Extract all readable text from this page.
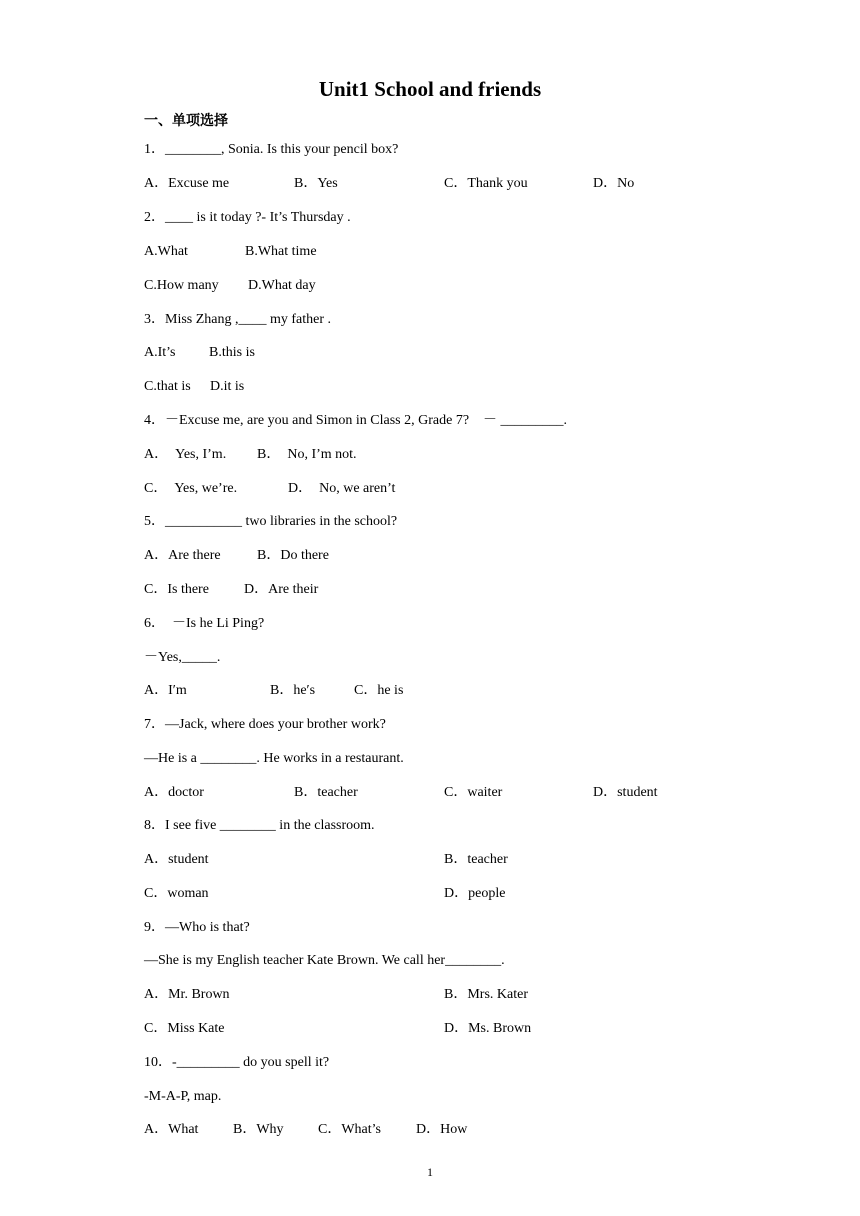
Unit1 School and friends
一、单项选择
1．________, Sonia. Is this your pencil box?
A．Excuse me	B．Yes	C．Thank you	D．No
2．____ is it today ?- It’s Thursday .
A.What	B.What time
C.How many D.What day
3．Miss Zhang ,____ my father .
A.It’s B.this is
C.that is D.it is
4．－Excuse me, are you and Simon in Class 2, Grade 7?　－ _________.
A．　Yes, I’m. B．　No, I’m not.
C．　Yes, we’re.	D．　No, we aren’t
5．___________ two libraries in the school?
A．Are there	B．Do there
C．Is there	D．Are their
6．　－Is he Li Ping?
－Yes,_____.
A．I′m	B．he′s	C．he is
7．—Jack, where does your brother work?
—He is a ________. He works in a restaurant.
A．doctor	B．teacher	C．waiter	D．student
8．I see five ________ in the classroom.
A．student	B．teacher
C．woman	D．people
9．—Who is that?
—She is my English teacher Kate Brown. We call her________.
A．Mr. Brown	B．Mrs. Kater
C．Miss Kate	D．Ms. Brown
10．-_________ do you spell it?
-M-A-P, map.
A．What B．Why C．What’s	D．How
1
